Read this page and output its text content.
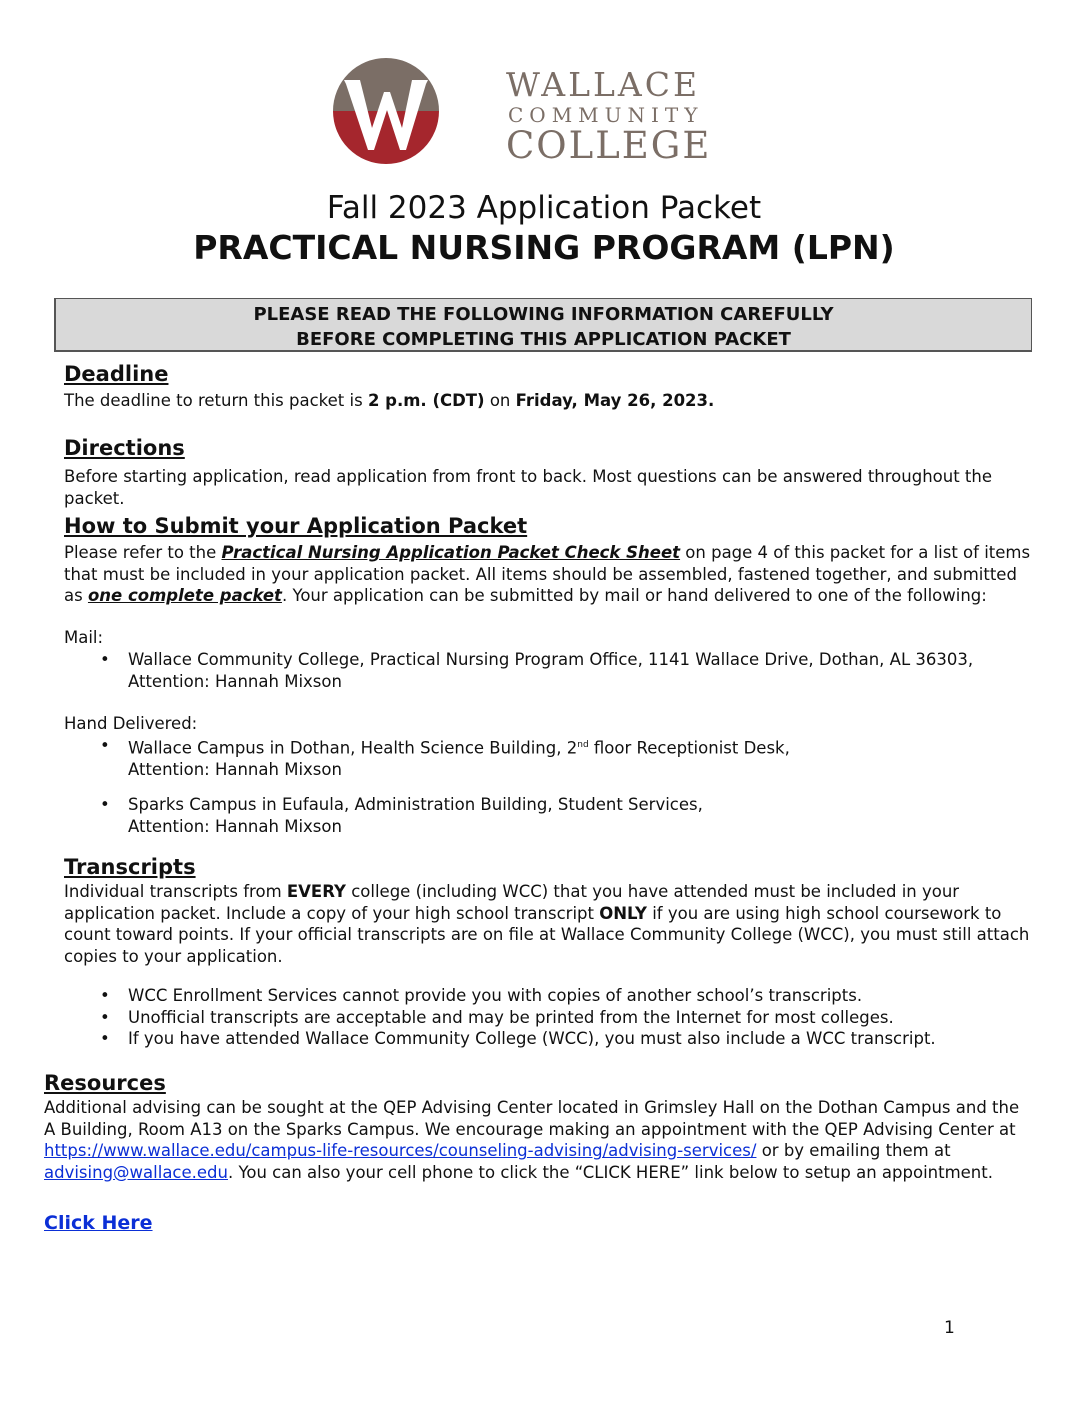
WALLACE
COMMUNITY
COLLEGE
Fall 2023 Application Packet
PRACTICAL NURSING PROGRAM (LPN)
PLEASE READ THE FOLLOWING INFORMATION CAREFULLY
BEFORE COMPLETING THIS APPLICATION PACKET
Deadline

The deadline to return this packet is 2 p.m. (CDT) on Friday, May 26, 2023.

Directions

Before starting application, read application from front to back. Most questions can be answered throughout the packet.

How to Submit your Application Packet

Please refer to the Practical Nursing Application Packet Check Sheet on page 4 of this packet for a list of items that must be included in your application packet. All items should be assembled, fastened together, and submitted as one complete packet. Your application can be submitted by mail or hand delivered to one of the following:

Mail:

• Wallace Community College, Practical Nursing Program Office, 1141 Wallace Drive, Dothan, AL 36303, Attention: Hannah Mixson

Hand Delivered:

• Wallace Campus in Dothan, Health Science Building, 2nd floor Receptionist Desk,
Attention: Hannah Mixson
• Sparks Campus in Eufaula, Administration Building, Student Services,
Attention: Hannah Mixson
Transcripts

Individual transcripts from EVERY college (including WCC) that you have attended must be included in your application packet. Include a copy of your high school transcript ONLY if you are using high school coursework to count toward points. If your official transcripts are on file at Wallace Community College (WCC), you must still attach copies to your application.

• WCC Enrollment Services cannot provide you with copies of another school’s transcripts.
• Unofficial transcripts are acceptable and may be printed from the Internet for most colleges.
• If you have attended Wallace Community College (WCC), you must also include a WCC transcript.
Resources

Additional advising can be sought at the QEP Advising Center located in Grimsley Hall on the Dothan Campus and the A Building, Room A13 on the Sparks Campus. We encourage making an appointment with the QEP Advising Center at https://www.wallace.edu/campus-life-resources/counseling-advising/advising-services/ or by emailing them at advising@wallace.edu. You can also your cell phone to click the “CLICK HERE” link below to setup an appointment.

Click Here
1
